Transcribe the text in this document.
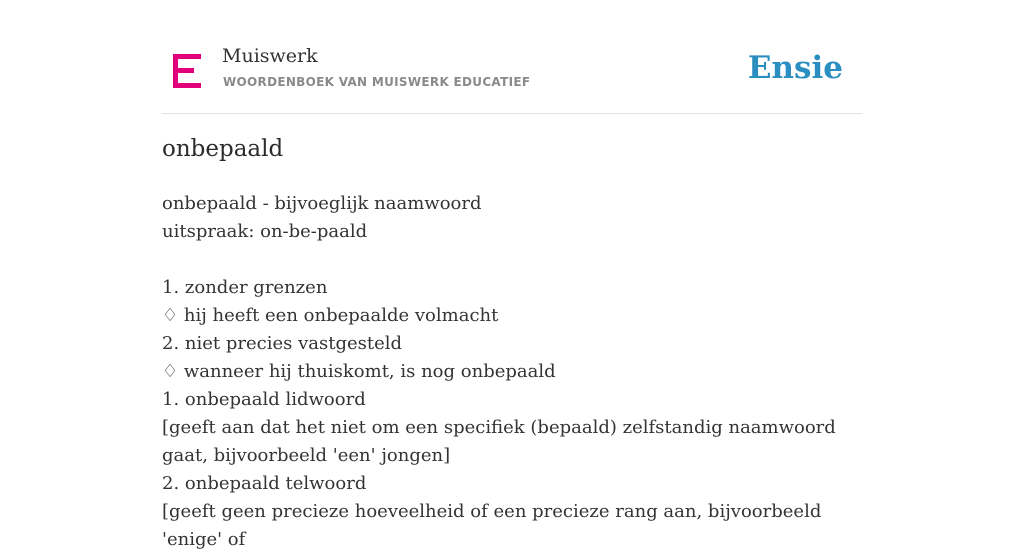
Muiswerk
WOORDENBOEK VAN MUISWERK EDUCATIEF	Ensie
onbepaald
onbepaald - bijvoeglijk naamwoord
uitspraak: on-be-paald
1. zonder grenzen
♢ hij heeft een onbepaalde volmacht
2. niet precies vastgesteld
♢ wanneer hij thuiskomt, is nog onbepaald
1. onbepaald lidwoord
[geeft aan dat het niet om een specifiek (bepaald) zelfstandig naamwoord gaat, bijvoorbeeld 'een' jongen]
2. onbepaald telwoord
[geeft geen precieze hoeveelheid of een precieze rang aan, bijvoorbeeld 'enige' of
